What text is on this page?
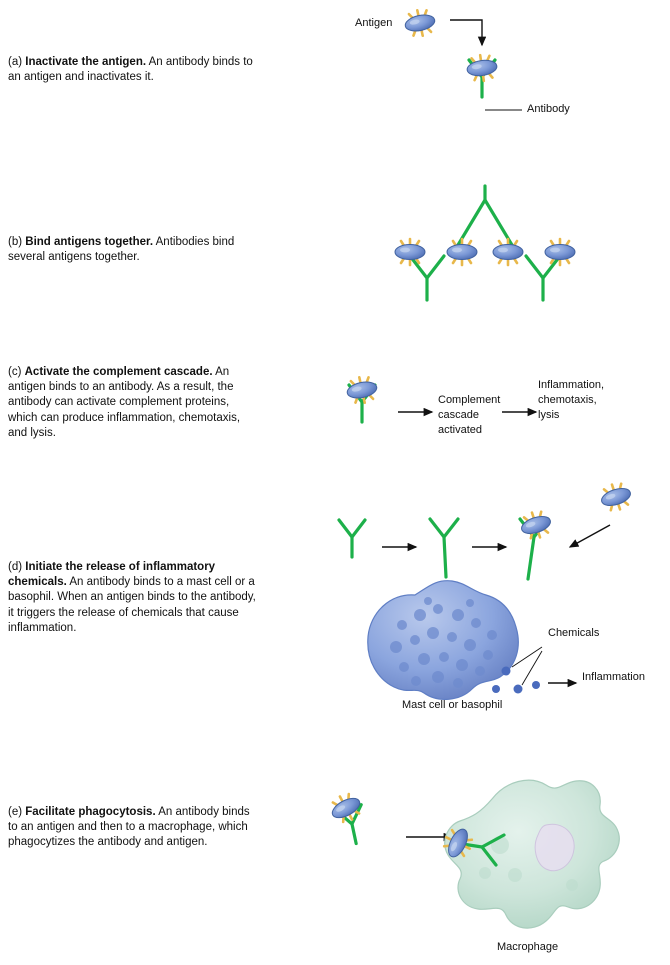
(a) Inactivate the antigen. An antibody binds to an antigen and inactivates it.
Antigen
Antibody
(b) Bind antigens together. Antibodies bind several antigens together.
(c) Activate the complement cascade. An antigen binds to an antibody. As a result, the antibody can activate complement proteins, which can produce inflammation, chemotaxis, and lysis.
Complement
cascade
activated
Inflammation,
chemotaxis,
lysis
(d) Initiate the release of inflammatory chemicals. An antibody binds to a mast cell or a basophil. When an antigen binds to the antibody, it triggers the release of chemicals that cause inflammation.	Chemicals
Inflammation
Mast cell or basophil
(e) Facilitate phagocytosis. An antibody binds to an antigen and then to a macrophage, which phagocytizes the antibody and antigen.
Macrophage
